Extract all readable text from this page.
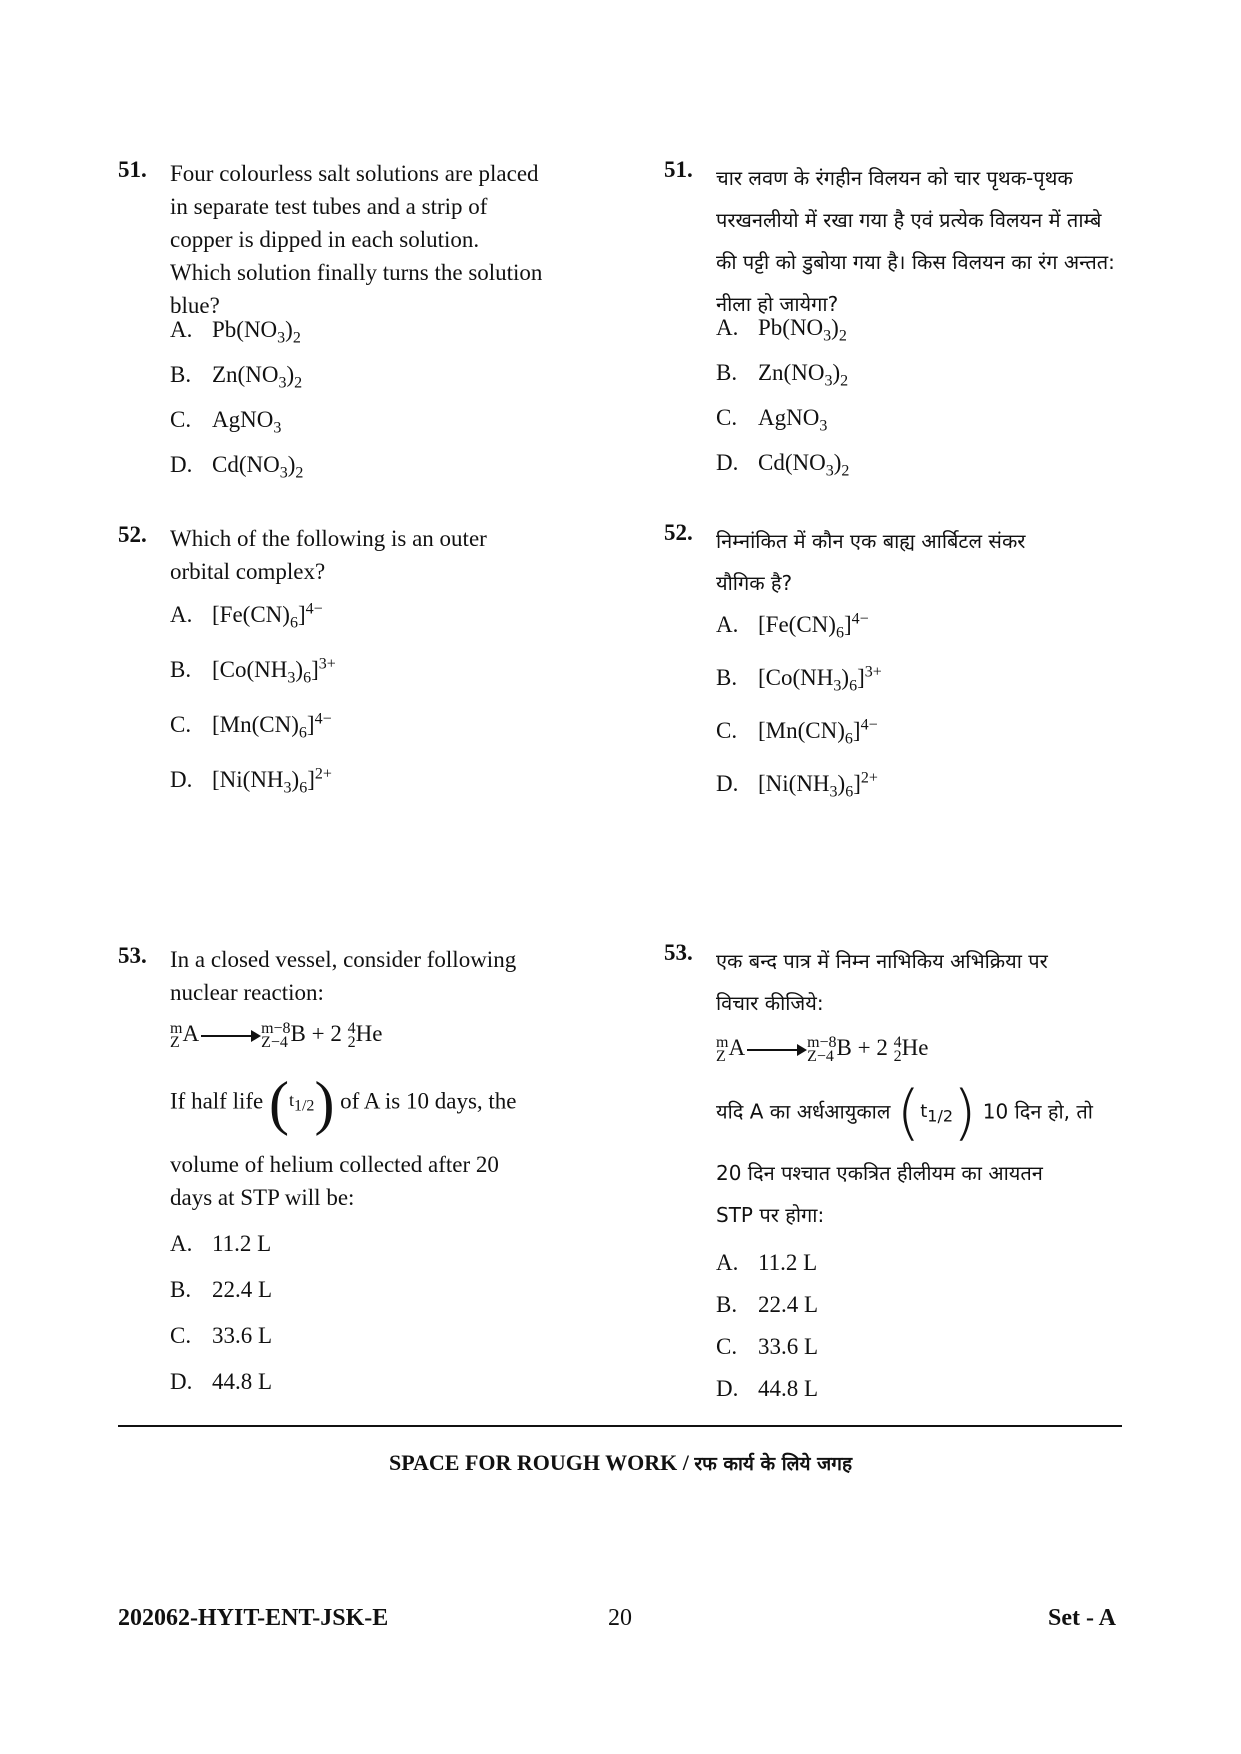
51. Four colourless salt solutions are placed in separate test tubes and a strip of copper is dipped in each solution. Which solution finally turns the solution blue?
A. $Pb(NO_3)_2$
B. $Zn(NO_3)_2$
C. AgNO$_3$
D. $Cd(NO_3)_2$
52. Which of the following is an outer orbital complex?
A. $[Fe(CN)_6]^{4-}$
B. $[Co(NH_3)_6]^{3+}$
C. $[Mn(CN)_6]^{4-}$
D. $[Ni(NH_3)_6]^{2+}$
53. In a closed vessel, consider following nuclear reaction:
m
Z A → m−8
Z−4 B + 2 4
2He
If half life $(t_{1/2})$ of A is 10 days, the
volume of helium collected after 20 days at STP will be:
A. 11.2 L
B. 22.4 L
C. 33.6 L
D. 44.8 L
51. चार लवण के रंगहीन विलयन को चार पृथक-पृथक परखनलीयो में रखा गया है एवं प्रत्येक विलयन में ताम्बे की पट्टी को डुबोया गया है। किस विलयन का रंग अन्तत: नीला हो जायेगा?
A. $Pb(NO_3)_2$
B. $Zn(NO_3)_2$
C. AgNO$_3$
D. $Cd(NO_3)_2$
52. निम्नांकित में कौन एक बाह्य आर्बिटल संकर यौगिक है?
A. $[Fe(CN)_6]^{4-}$
B. $[Co(NH_3)_6]^{3+}$
C. $[Mn(CN)_6]^{4-}$
D. $[Ni(NH_3)_6]^{2+}$
53. एक बन्द पात्र में निम्न नाभिकिय अभिक्रिया पर विचार कीजिये:
m
Z A → m−8
Z−4 B + 2 4
2He
यदि A का अर्धआयुकाल $(t_{1/2})$ 10 दिन हो, तो
20 दिन पश्चात एकत्रित हीलीयम का आयतन STP पर होगा:
A. 11.2 L
B. 22.4 L
C. 33.6 L
D. 44.8 L
SPACE FOR ROUGH WORK / रफ कार्य के लिये जगह
202062-HYIT-ENT-JSK-E	20	Set - A
